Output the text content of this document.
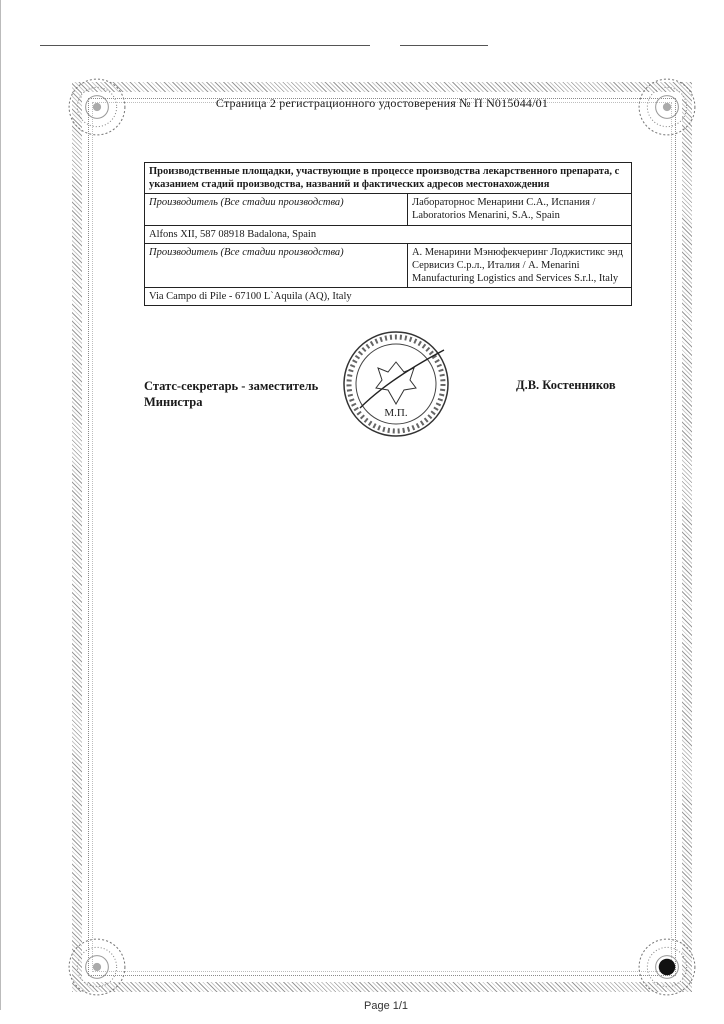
Страница 2 регистрационного удостоверения № П N015044/01
Производственные площадки, участвующие в процессе производства лекарственного препарата, с указанием стадий производства, названий и фактических адресов местонахождения	
Производитель (Все стадии производства)	Лабораторнос Менарини С.А., Испания / Laboratorios Menarini, S.A., Spain
Alfons XII, 587 08918 Badalona, Spain	
Производитель (Все стадии производства)	А. Менарини Мэнюфекчеринг Лоджистикс энд Сервисиз С.р.л., Италия / A. Menarini Manufacturing Logistics and Services S.r.l., Italy
Via Campo di Pile - 67100 L`Aquila (AQ), Italy	
Статс-секретарь - заместитель Министра
М.П.
Д.В. Костенников
Page 1/1
